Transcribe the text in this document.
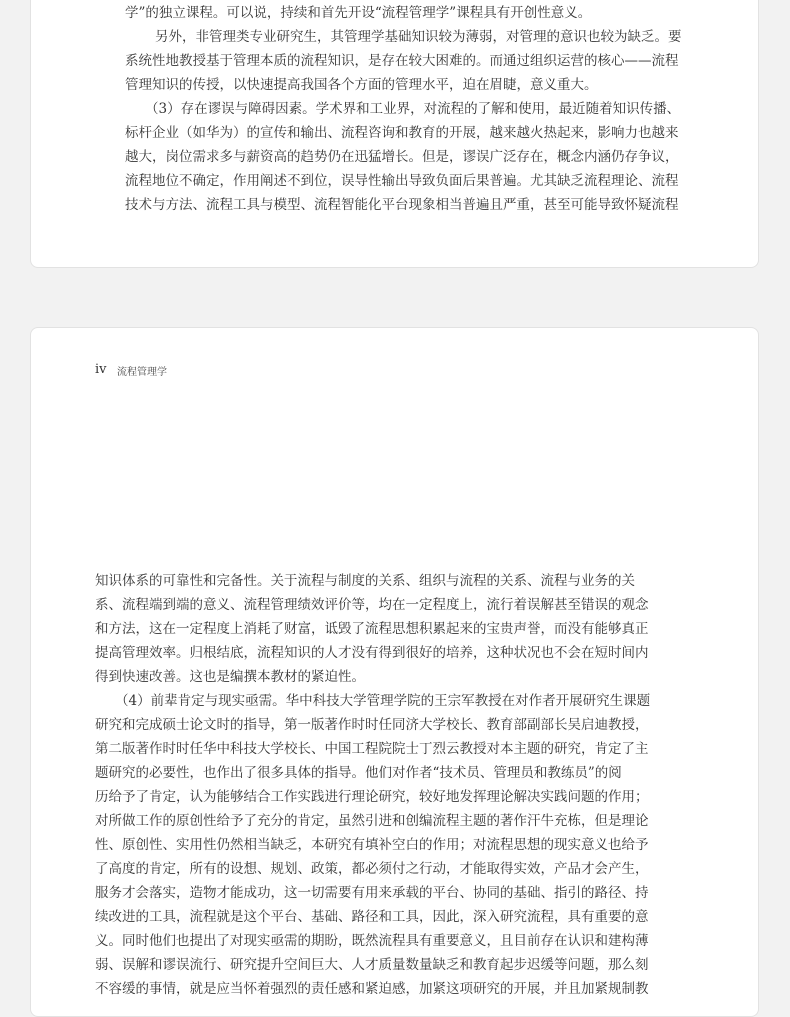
学”的独立课程。可以说，持续和首先开设“流程管理学”课程具有开创性意义。

另外，非管理类专业研究生，其管理学基础知识较为薄弱，对管理的意识也较为缺乏。要

系统性地教授基于管理本质的流程知识，是存在较大困难的。而通过组织运营的核心——流程

管理知识的传授，以快速提高我国各个方面的管理水平，迫在眉睫，意义重大。

（3）存在谬误与障碍因素。学术界和工业界，对流程的了解和使用，最近随着知识传播、

标杆企业（如华为）的宣传和输出、流程咨询和教育的开展，越来越火热起来，影响力也越来

越大，岗位需求多与薪资高的趋势仍在迅猛增长。但是，谬误广泛存在，概念内涵仍存争议，

流程地位不确定，作用阐述不到位，误导性输出导致负面后果普遍。尤其缺乏流程理论、流程

技术与方法、流程工具与模型、流程智能化平台现象相当普遍且严重，甚至可能导致怀疑流程

iv 流程管理学

知识体系的可靠性和完备性。关于流程与制度的关系、组织与流程的关系、流程与业务的关

系、流程端到端的意义、流程管理绩效评价等，均在一定程度上，流行着误解甚至错误的观念

和方法，这在一定程度上消耗了财富，诋毁了流程思想积累起来的宝贵声誉，而没有能够真正

提高管理效率。归根结底，流程知识的人才没有得到很好的培养，这种状况也不会在短时间内

得到快速改善。这也是编撰本教材的紧迫性。

（4）前辈肯定与现实亟需。华中科技大学管理学院的王宗军教授在对作者开展研究生课题

研究和完成硕士论文时的指导，第一版著作时时任同济大学校长、教育部副部长吴启迪教授，

第二版著作时时任华中科技大学校长、中国工程院院士丁烈云教授对本主题的研究，肯定了主

题研究的必要性，也作出了很多具体的指导。他们对作者“技术员、管理员和教练员”的阅

历给予了肯定，认为能够结合工作实践进行理论研究，较好地发挥理论解决实践问题的作用；

对所做工作的原创性给予了充分的肯定，虽然引进和创编流程主题的著作汗牛充栋，但是理论

性、原创性、实用性仍然相当缺乏，本研究有填补空白的作用；对流程思想的现实意义也给予

了高度的肯定，所有的设想、规划、政策，都必须付之行动，才能取得实效，产品才会产生，

服务才会落实，造物才能成功，这一切需要有用来承载的平台、协同的基础、指引的路径、持

续改进的工具，流程就是这个平台、基础、路径和工具，因此，深入研究流程，具有重要的意

义。同时他们也提出了对现实亟需的期盼，既然流程具有重要意义，且目前存在认识和建构薄

弱、误解和谬误流行、研究提升空间巨大、人才质量数量缺乏和教育起步迟缓等问题，那么刻

不容缓的事情，就是应当怀着强烈的责任感和紧迫感，加紧这项研究的开展，并且加紧规制教
